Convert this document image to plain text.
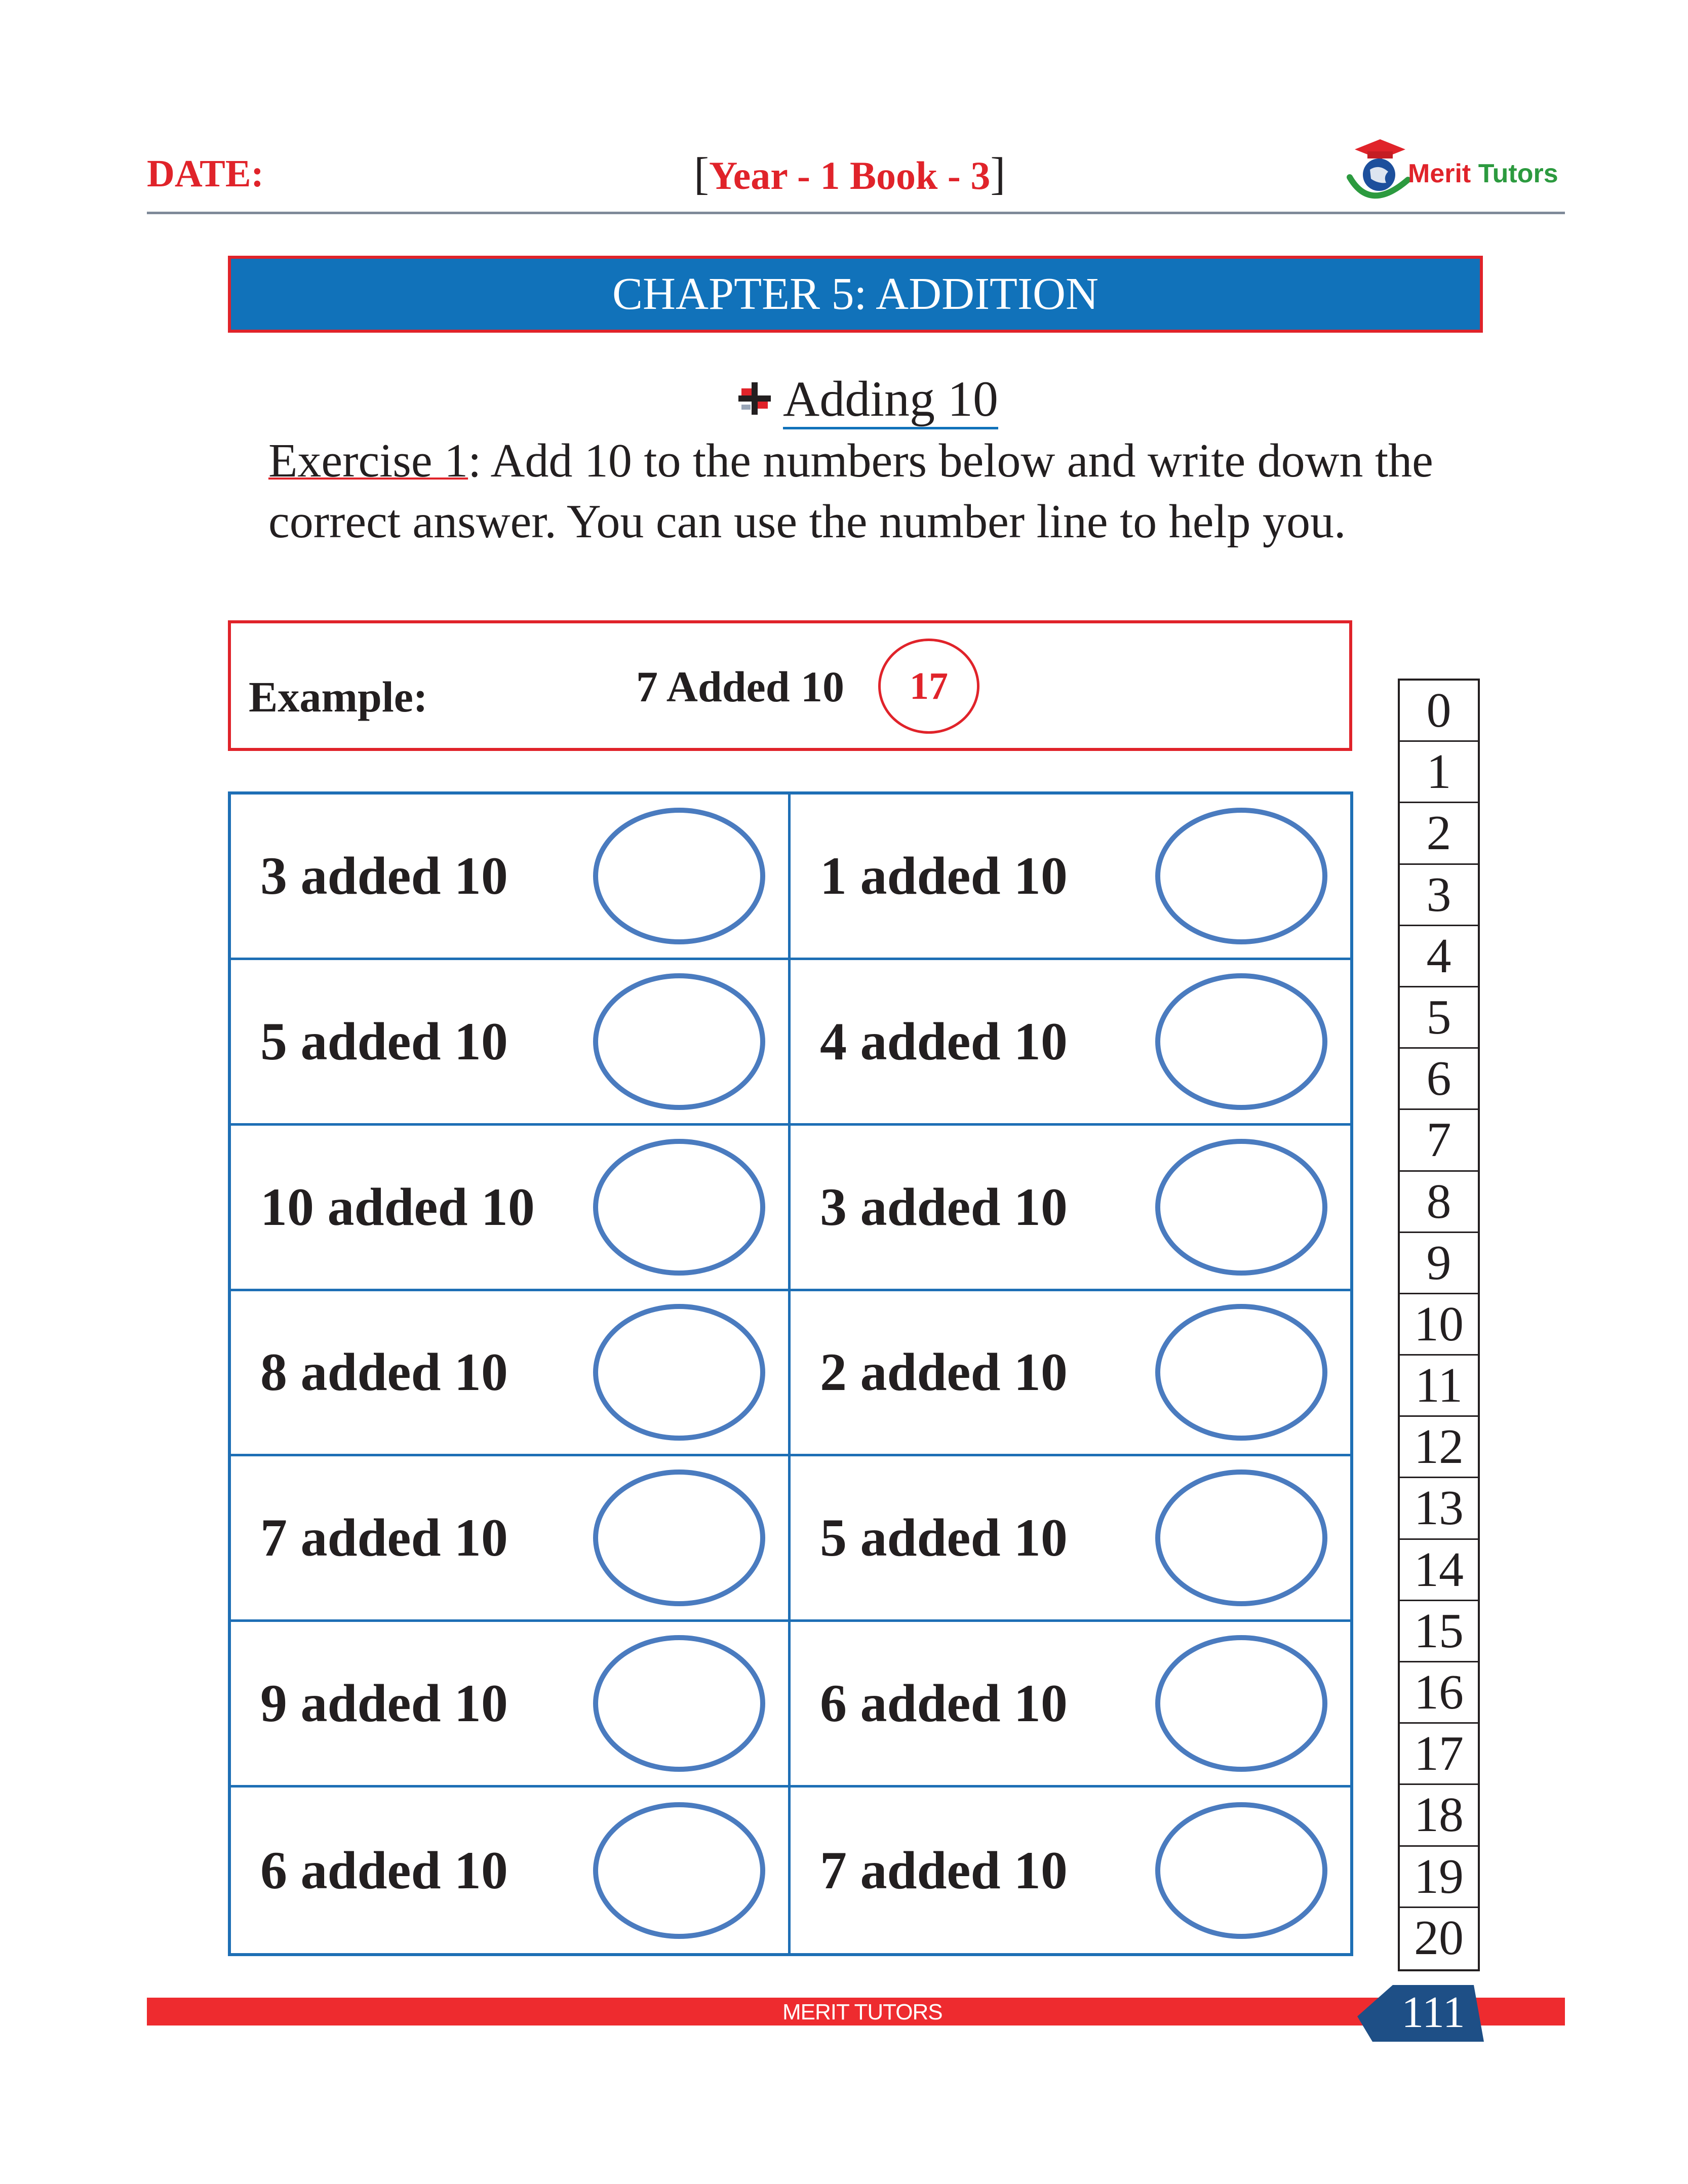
DATE:	[Year - 1 Book - 3]	Merit Tutors
CHAPTER 5: ADDITION
Adding 10
Exercise 1: Add 10 to the numbers below and write down the correct answer. You can use the number line to help you.
Example:	7 Added 10	17
3 added 10	1 added 10
5 added 10	4 added 10
10 added 10	3 added 10
8 added 10	2 added 10
7 added 10	5 added 10
9 added 10	6 added 10
6 added 10	7 added 10
0
1
2
3
4
5
6
7
8
9
10
11
12
13
14
15
16
17
18
19
20
MERIT TUTORS	111
